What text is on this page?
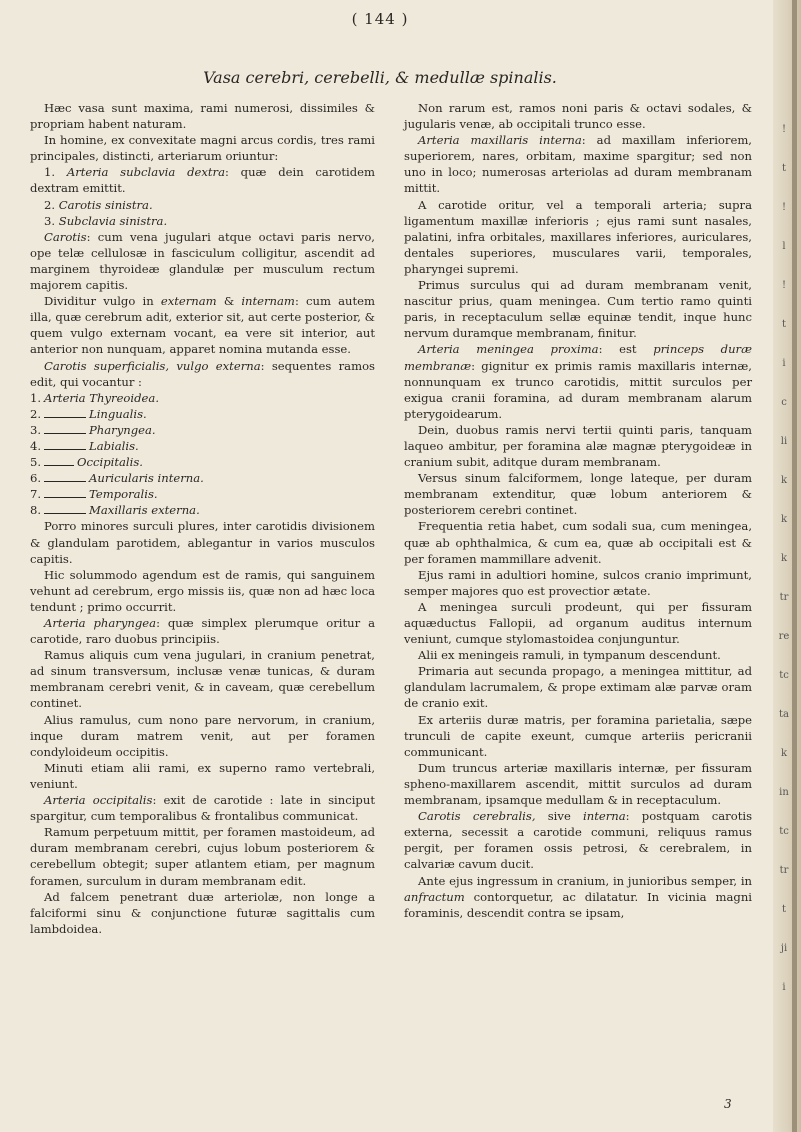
( 144 )
Vasa cerebri, cerebelli, & medullæ spinalis.

Hæc vasa sunt maxima, rami numerosi, dissimiles & propriam habent naturam.

In homine, ex convexitate magni arcus cordis, tres rami principales, distincti, arteriarum oriuntur:

1. Arteria subclavia dextra: quæ dein carotidem dextram emittit.

2. Carotis sinistra.

3. Subclavia sinistra.

Carotis: cum vena jugulari atque octavi paris nervo, ope telæ cellulosæ in fasciculum colligitur, ascendit ad marginem thyroideæ glandulæ per musculum rectum majorem capitis.

Dividitur vulgo in externam & internam: cum autem illa, quæ cerebrum adit, exterior sit, aut certe posterior, & quem vulgo externam vocant, ea vere sit interior, aut anterior non nunquam, apparet nomina mutanda esse.

Carotis superficialis, vulgo externa: sequentes ramos edit, qui vocantur :

1. Arteria Thyreoidea.

2.	Lingualis.

3.	Pharyngea.

4.	Labialis.

5.	Occipitalis.

6.	Auricularis interna.

7.	Temporalis.

8.	Maxillaris externa.

Porro minores surculi plures, inter carotidis divisionem & glandulam parotidem, ablegantur in varios musculos capitis.

Hic solummodo agendum est de ramis, qui sanguinem vehunt ad cerebrum, ergo missis iis, quæ non ad hæc loca tendunt ; primo occurrit.

Arteria pharyngea: quæ simplex plerumque oritur a carotide, raro duobus principiis.

Ramus aliquis cum vena jugulari, in cranium penetrat, ad sinum transversum, inclusæ venæ tunicas, & duram membranam cerebri venit, & in caveam, quæ cerebellum continet.

Alius ramulus, cum nono pare nervorum, in cranium, inque duram matrem venit, aut per foramen condyloideum occipitis.

Minuti etiam alii rami, ex superno ramo vertebrali, veniunt.

Arteria occipitalis: exit de carotide : late in sinciput spargitur, cum temporalibus & frontalibus communicat.

Ramum perpetuum mittit, per foramen mastoideum, ad duram membranam cerebri, cujus lobum posteriorem & cerebellum obtegit; super atlantem etiam, per magnum foramen, surculum in duram membranam edit.

Ad falcem penetrant duæ arteriolæ, non longe a falciformi sinu & conjunctione futuræ sagittalis cum lambdoidea.

Non rarum est, ramos noni paris & octavi sodales, & jugularis venæ, ab occipitali trunco esse.

Arteria maxillaris interna: ad maxillam inferiorem, superiorem, nares, orbitam, maxime spargitur; sed non uno in loco; numerosas arteriolas ad duram membranam mittit.

A carotide oritur, vel a temporali arteria; supra ligamentum maxillæ inferioris ; ejus rami sunt nasales, palatini, infra orbitales, maxillares inferiores, auriculares, dentales superiores, musculares varii, temporales, pharyngei supremi.

Primus surculus qui ad duram membranam venit, nascitur prius, quam meningea. Cum tertio ramo quinti paris, in receptaculum sellæ equinæ tendit, inque hunc nervum duramque membranam, finitur.

Arteria meningea proxima: est princeps duræ membranæ: gignitur ex primis ramis maxillaris internæ, nonnunquam ex trunco carotidis, mittit surculos per exigua cranii foramina, ad duram membranam alarum pterygoidearum.

Dein, duobus ramis nervi tertii quinti paris, tanquam laqueo ambitur, per foramina alæ magnæ pterygoideæ in cranium subit, aditque duram membranam.

Versus sinum falciformem, longe lateque, per duram membranam extenditur, quæ lobum anteriorem & posteriorem cerebri continet.

Frequentia retia habet, cum sodali sua, cum meningea, quæ ab ophthalmica, & cum ea, quæ ab occipitali est & per foramen mammillare advenit.

Ejus rami in adultiori homine, sulcos cranio imprimunt, semper majores quo est provectior ætate.

A meningea surculi prodeunt, qui per fissuram aquæductus Fallopii, ad organum auditus internum veniunt, cumque stylomastoidea conjunguntur.

Alii ex meningeis ramuli, in tympanum descendunt.

Primaria aut secunda propago, a meningea mittitur, ad glandulam lacrumalem, & prope extimam alæ parvæ oram de cranio exit.

Ex arteriis duræ matris, per foramina parietalia, sæpe trunculi de capite exeunt, cumque arteriis pericranii communicant.

Dum truncus arteriæ maxillaris internæ, per fissuram spheno-maxillarem ascendit, mittit surculos ad duram membranam, ipsamque medullam & in receptaculum.

Carotis cerebralis, sive interna: postquam carotis externa, secessit a carotide communi, reliquus ramus pergit, per foramen ossis petrosi, & cerebralem, in calvariæ cavum ducit.

Ante ejus ingressum in cranium, in junioribus semper, in anfractum contorquetur, ac dilatatur. In vicinia magni foraminis, descendit contra se ipsam,

3
!
t
!
l
!
t
i
c
li
k
k
k
tr
re
tc
ta
k
in
tc
tr
t
ji
i
